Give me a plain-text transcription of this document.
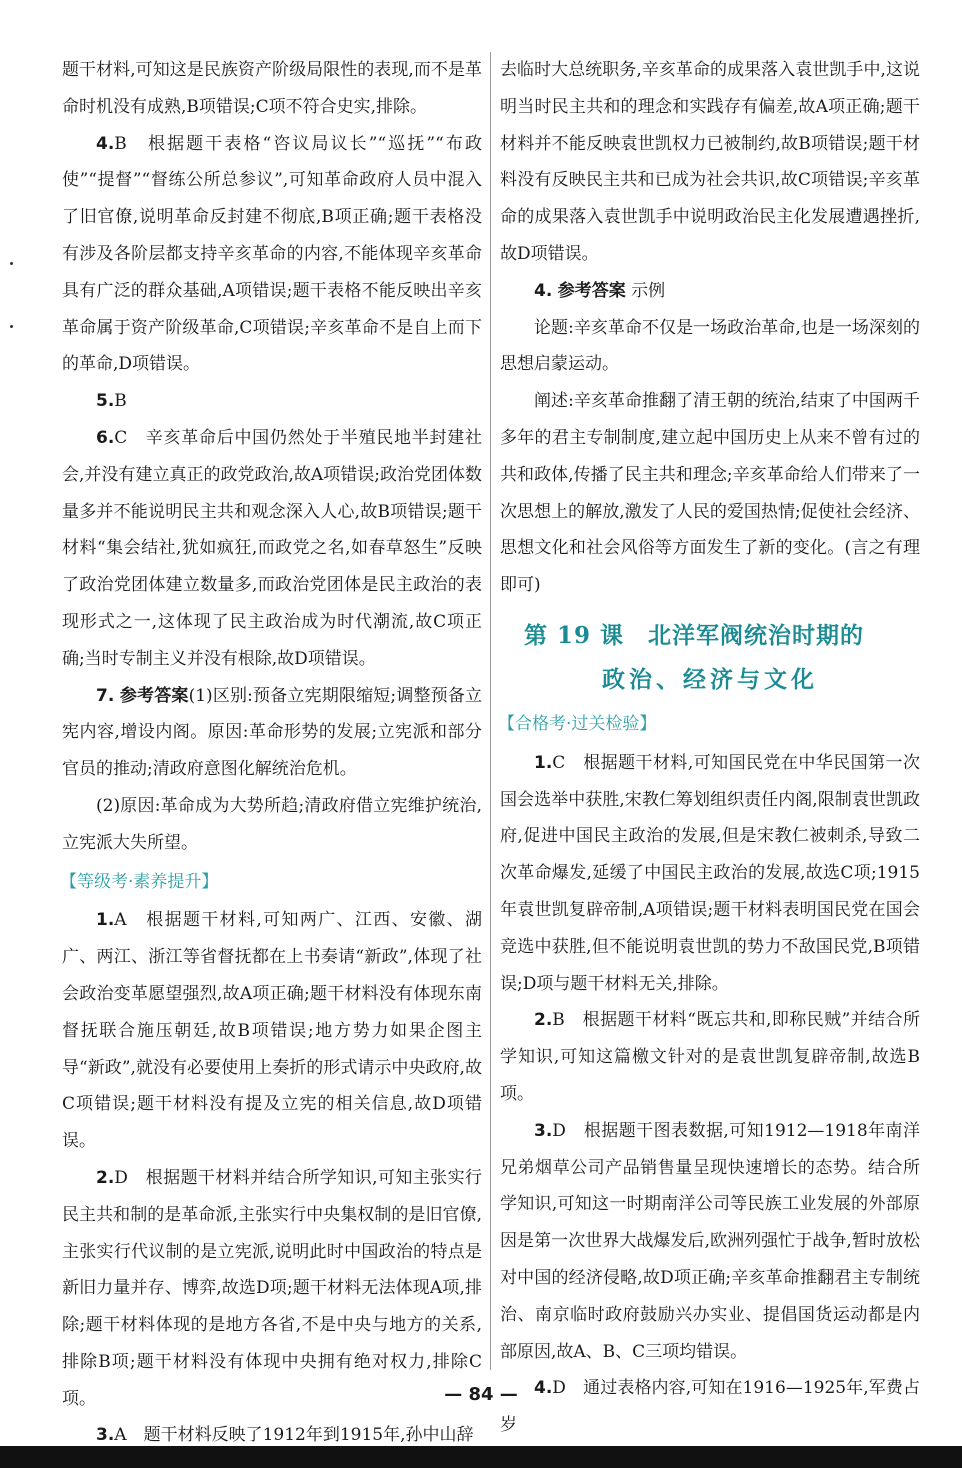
题干材料,可知这是民族资产阶级局限性的表现,而不是革命时机没有成熟,B项错误;C项不符合史实,排除。

4.B　 根据题干表格“咨议局议长”“巡抚”“布政使”“提督”“督练公所总参议”,可知革命政府人员中混入了旧官僚,说明革命反封建不彻底,B项正确;题干表格没有涉及各阶层都支持辛亥革命的内容,不能体现辛亥革命具有广泛的群众基础,A项错误;题干表格不能反映出辛亥革命属于资产阶级革命,C项错误;辛亥革命不是自上而下的革命,D项错误。

5.B

6.C　 辛亥革命后中国仍然处于半殖民地半封建社会,并没有建立真正的政党政治,故A项错误;政治党团体数量多并不能说明民主共和观念深入人心,故B项错误;题干材料“集会结社,犹如疯狂,而政党之名,如春草怒生”反映了政治党团体建立数量多,而政治党团体是民主政治的表现形式之一,这体现了民主政治成为时代潮流,故C项正确;当时专制主义并没有根除,故D项错误。

7. 参考答案(1)区别:预备立宪期限缩短;调整预备立宪内容,增设内阁。原因:革命形势的发展;立宪派和部分官员的推动;清政府意图化解统治危机。

(2)原因:革命成为大势所趋;清政府借立宪维护统治,立宪派大失所望。

【等级考·素养提升】

1.A　 根据题干材料,可知两广、江西、安徽、湖广、两江、浙江等省督抚都在上书奏请“新政”,体现了社会政治变革愿望强烈,故A项正确;题干材料没有体现东南督抚联合施压朝廷,故B项错误;地方势力如果企图主导“新政”,就没有必要使用上奏折的形式请示中央政府,故C项错误;题干材料没有提及立宪的相关信息,故D项错误。

2.D　 根据题干材料并结合所学知识,可知主张实行民主共和制的是革命派,主张实行中央集权制的是旧官僚,主张实行代议制的是立宪派,说明此时中国政治的特点是新旧力量并存、博弈,故选D项;题干材料无法体现A项,排除;题干材料体现的是地方各省,不是中央与地方的关系,排除B项;题干材料没有体现中央拥有绝对权力,排除C项。

3.A　 题干材料反映了1912年到1915年,孙中山辞

去临时大总统职务,辛亥革命的成果落入袁世凯手中,这说明当时民主共和的理念和实践存有偏差,故A项正确;题干材料并不能反映袁世凯权力已被制约,故B项错误;题干材料没有反映民主共和已成为社会共识,故C项错误;辛亥革命的成果落入袁世凯手中说明政治民主化发展遭遇挫折,故D项错误。

4. 参考答案 示例

论题:辛亥革命不仅是一场政治革命,也是一场深刻的思想启蒙运动。

阐述:辛亥革命推翻了清王朝的统治,结束了中国两千多年的君主专制制度,建立起中国历史上从来不曾有过的共和政体,传播了民主共和理念;辛亥革命给人们带来了一次思想上的解放,激发了人民的爱国热情;促使社会经济、思想文化和社会风俗等方面发生了新的变化。(言之有理即可)

第 19 课　北洋军阀统治时期的
政治、经济与文化
【合格考·过关检验】

1.C　 根据题干材料,可知国民党在中华民国第一次国会选举中获胜,宋教仁筹划组织责任内阁,限制袁世凯政府,促进中国民主政治的发展,但是宋教仁被刺杀,导致二次革命爆发,延缓了中国民主政治的发展,故选C项;1915年袁世凯复辟帝制,A项错误;题干材料表明国民党在国会竞选中获胜,但不能说明袁世凯的势力不敌国民党,B项错误;D项与题干材料无关,排除。

2.B　 根据题干材料“既忘共和,即称民贼”并结合所学知识,可知这篇檄文针对的是袁世凯复辟帝制,故选B项。

3.D　 根据题干图表数据,可知1912—1918年南洋兄弟烟草公司产品销售量呈现快速增长的态势。结合所学知识,可知这一时期南洋公司等民族工业发展的外部原因是第一次世界大战爆发后,欧洲列强忙于战争,暂时放松对中国的经济侵略,故D项正确;辛亥革命推翻君主专制统治、南京临时政府鼓励兴办实业、提倡国货运动都是内部原因,故A、B、C三项均错误。

4.D　 通过表格内容,可知在1916—1925年,军费占岁

— 84 —
